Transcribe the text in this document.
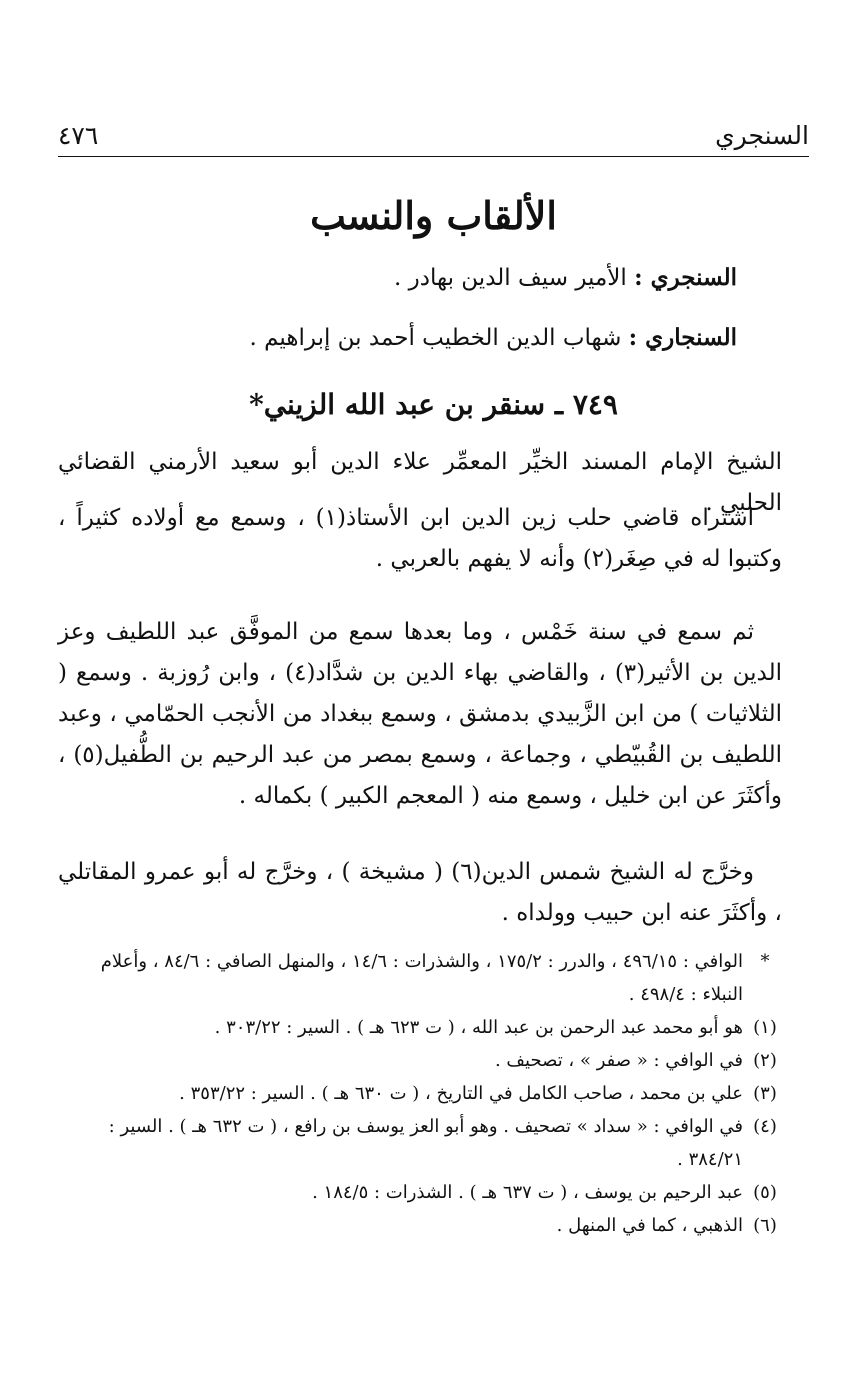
السنجري
٤٧٦
الألقاب والنسب

السنجري : الأمير سيف الدين بهادر .

السنجاري : شهاب الدين الخطيب أحمد بن إبراهيم .

٧٤٩ ـ سنقر بن عبد الله الزيني*

الشيخ الإمام المسند الخيِّر المعمِّر علاء الدين أبو سعيد الأرمني القضائي الحلبي .

اشتراه قاضي حلب زين الدين ابن الأستاذ(١) ، وسمع مع أولاده كثيراً ، وكتبوا له في صِغَر(٢) وأنه لا يفهم بالعربي .

ثم سمع في سنة خَمْس ، وما بعدها سمع من الموفَّق عبد اللطيف وعز الدين بن الأثير(٣) ، والقاضي بهاء الدين بن شدَّاد(٤) ، وابن رُوزبة . وسمع ( الثلاثيات ) من ابن الزَّبيدي بدمشق ، وسمع ببغداد من الأنجب الحمّامي ، وعبد اللطيف بن القُبيّطي ، وجماعة ، وسمع بمصر من عبد الرحيم بن الطُّفيل(٥) ، وأكثَرَ عن ابن خليل ، وسمع منه ( المعجم الكبير ) بكماله .

وخرَّج له الشيخ شمس الدين(٦) ( مشيخة ) ، وخرَّج له أبو عمرو المقاتلي ، وأكثَرَ عنه ابن حبيب وولداه .

*
الوافي : ٤٩٦/١٥ ، والدرر : ١٧٥/٢ ، والشذرات : ١٤/٦ ، والمنهل الصافي : ٨٤/٦ ، وأعلام النبلاء : ٤٩٨/٤ .
(١)
هو أبو محمد عبد الرحمن بن عبد الله ، ( ت ٦٢٣ هـ ) . السير : ٣٠٣/٢٢ .
(٢)
في الوافي : « صفر » ، تصحيف .
(٣)
علي بن محمد ، صاحب الكامل في التاريخ ، ( ت ٦٣٠ هـ ) . السير : ٣٥٣/٢٢ .
(٤)
في الوافي : « سداد » تصحيف . وهو أبو العز يوسف بن رافع ، ( ت ٦٣٢ هـ ) . السير : ٣٨٤/٢١ .
(٥)
عبد الرحيم بن يوسف ، ( ت ٦٣٧ هـ ) . الشذرات : ١٨٤/٥ .
(٦)
الذهبي ، كما في المنهل .
